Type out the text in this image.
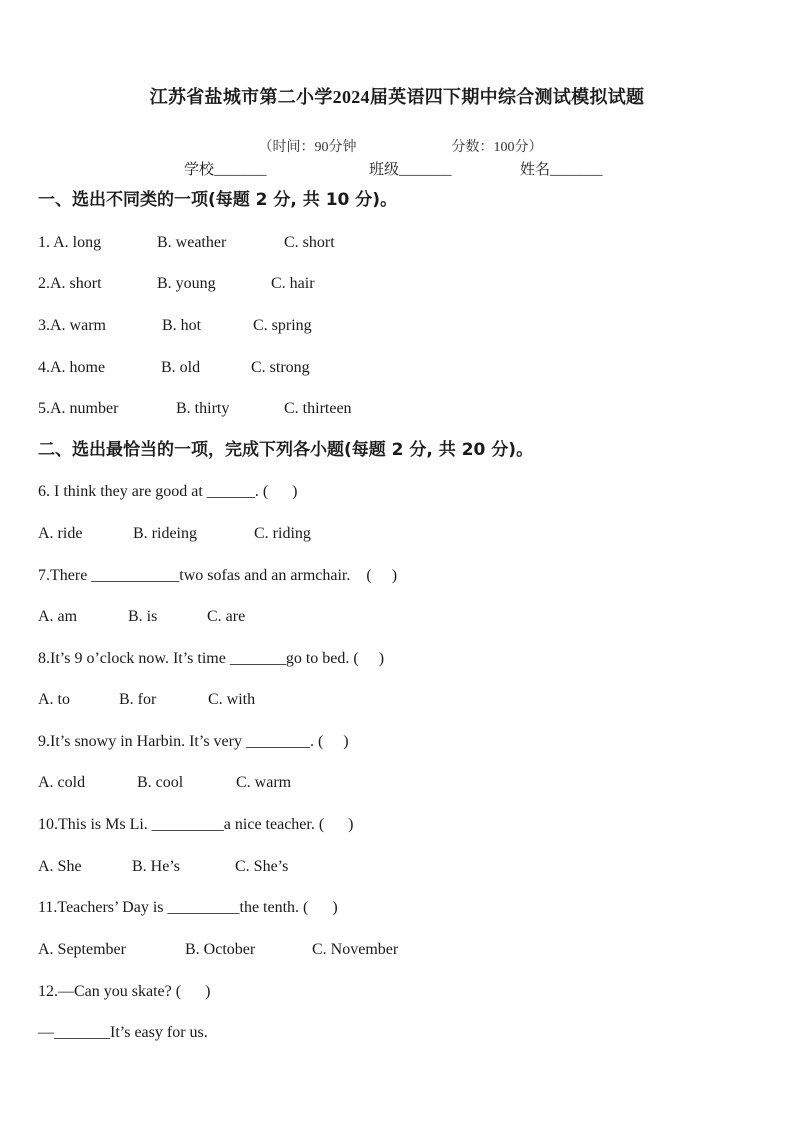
江苏省盐城市第二小学2024届英语四下期中综合测试模拟试题

（时间：90分钟	分数：100分）

学校_______	班级_______	姓名_______
一、选出不同类的一项(每题 2 分, 共 10 分)。
1. A. long	B. weather	C. short
2.A. short	B. young	C. hair
3.A. warm	B. hot	C. spring
4.A. home	B. old	C. strong
5.A. number	B. thirty	C. thirteen
二、选出最恰当的一项，完成下列各小题(每题 2 分, 共 20 分)。
6. I think they are good at ______. (      )
A. ride	B. rideing	C. riding
7.There ___________two sofas and an armchair.    (     )
A. am	B. is	C. are
8.It’s 9 o’clock now. It’s time _______go to bed. (     )
A. to	B. for	C. with
9.It’s snowy in Harbin. It’s very ________. (     )
A. cold	B. cool	C. warm
10.This is Ms Li. _________a nice teacher. (      )
A. She	B. He’s	C. She’s
11.Teachers’ Day is _________the tenth. (      )
A. September	B. October	C. November
12.—Can you skate? (      )
—_______It’s easy for us.
